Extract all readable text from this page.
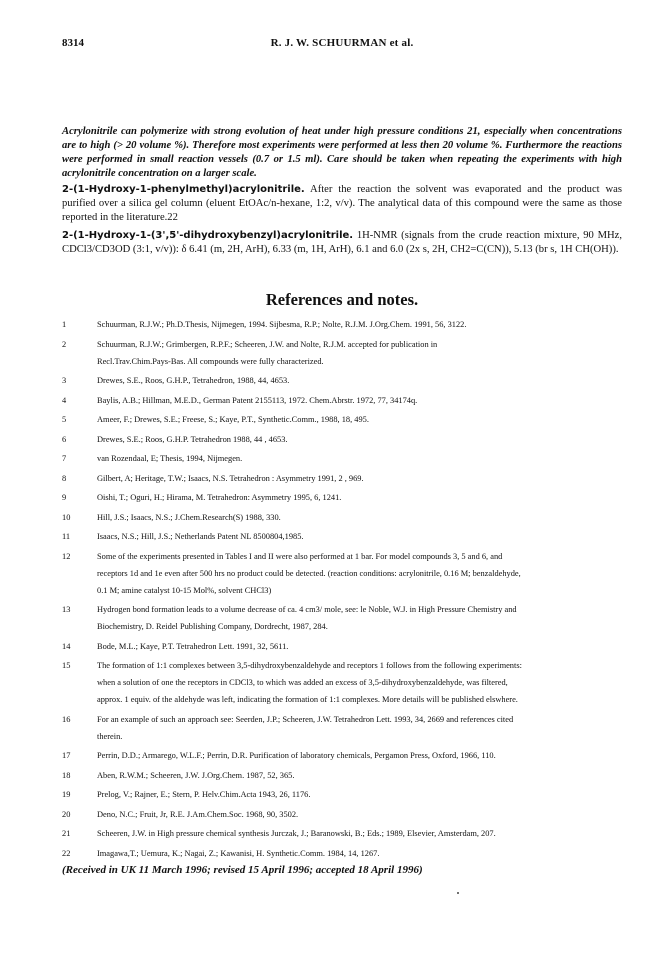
8314	R. J. W. SCHUURMAN et al.
Acrylonitrile can polymerize with strong evolution of heat under high pressure conditions 21, especially when concentrations are to high (> 20 volume %). Therefore most experiments were performed at less then 20 volume %. Furthermore the reactions were performed in small reaction vessels (0.7 or 1.5 ml). Care should be taken when repeating the experiments with high acrylonitrile concentration on a larger scale.
2-(1-Hydroxy-1-phenylmethyl)acrylonitrile. After the reaction the solvent was evaporated and the product was purified over a silica gel column (eluent EtOAc/n-hexane, 1:2, v/v). The analytical data of this compound were the same as those reported in the literature.22
2-(1-Hydroxy-1-(3',5'-dihydroxybenzyl)acrylonitrile. 1H-NMR (signals from the crude reaction mixture, 90 MHz, CDCl3/CD3OD (3:1, v/v)): δ 6.41 (m, 2H, ArH), 6.33 (m, 1H, ArH), 6.1 and 6.0 (2x s, 2H, CH2=C(CN)), 5.13 (br s, 1H CH(OH)).
References and notes.
1	Schuurman, R.J.W.; Ph.D.Thesis, Nijmegen, 1994. Sijbesma, R.P.; Nolte, R.J.M. J.Org.Chem. 1991, 56, 3122.
2	Schuurman, R.J.W.; Grimbergen, R.P.F.; Scheeren, J.W. and Nolte, R.J.M. accepted for publication in
Recl.Trav.Chim.Pays-Bas. All compounds were fully characterized.
3	Drewes, S.E., Roos, G.H.P., Tetrahedron, 1988, 44, 4653.
4	Baylis, A.B.; Hillman, M.E.D., German Patent 2155113, 1972. Chem.Abrstr. 1972, 77, 34174q.
5	Ameer, F.; Drewes, S.E.; Freese, S.; Kaye, P.T., Synthetic.Comm., 1988, 18, 495.
6	Drewes, S.E.; Roos, G.H.P. Tetrahedron 1988, 44 , 4653.
7	van Rozendaal, E; Thesis, 1994, Nijmegen.
8	Gilbert, A; Heritage, T.W.; Isaacs, N.S. Tetrahedron : Asymmetry 1991, 2 , 969.
9	Oishi, T.; Oguri, H.; Hirama, M. Tetrahedron: Asymmetry 1995, 6, 1241.
10	Hill, J.S.; Isaacs, N.S.; J.Chem.Research(S) 1988, 330.
11	Isaacs, N.S.; Hill, J.S.; Netherlands Patent NL 8500804,1985.
12	Some of the experiments presented in Tables I and II were also performed at 1 bar. For model compounds 3, 5 and 6, and
receptors 1d and 1e even after 500 hrs no product could be detected. (reaction conditions: acrylonitrile, 0.16 M; benzaldehyde,
0.1 M; amine catalyst 10-15 Mol%, solvent CHCl3)
13	Hydrogen bond formation leads to a volume decrease of ca. 4 cm3/ mole, see: le Noble, W.J. in High Pressure Chemistry and
Biochemistry, D. Reidel Publishing Company, Dordrecht, 1987, 284.
14	Bode, M.L.; Kaye, P.T. Tetrahedron Lett. 1991, 32, 5611.
15	The formation of 1:1 complexes between 3,5-dihydroxybenzaldehyde and receptors 1 follows from the following experiments:
when a solution of one the receptors in CDCl3, to which was added an excess of 3,5-dihydroxybenzaldehyde, was filtered,
approx. 1 equiv. of the aldehyde was left, indicating the formation of 1:1 complexes. More details will be published elswhere.
16	For an example of such an approach see: Seerden, J.P.; Scheeren, J.W. Tetrahedron Lett. 1993, 34, 2669 and references cited
therein.
17	Perrin, D.D.; Armarego, W.L.F.; Perrin, D.R. Purification of laboratory chemicals, Pergamon Press, Oxford, 1966, 110.
18	Aben, R.W.M.; Scheeren, J.W. J.Org.Chem. 1987, 52, 365.
19	Prelog, V.; Rajner, E.; Stern, P. Helv.Chim.Acta 1943, 26, 1176.
20	Deno, N.C.; Fruit, Jr, R.E. J.Am.Chem.Soc. 1968, 90, 3502.
21	Scheeren, J.W. in High pressure chemical synthesis Jurczak, J.; Baranowski, B.; Eds.; 1989, Elsevier, Amsterdam, 207.
22	Imagawa,T.; Uemura, K.; Nagai, Z.; Kawanisi, H. Synthetic.Comm. 1984, 14, 1267.
(Received in UK 11 March 1996; revised 15 April 1996; accepted 18 April 1996)
